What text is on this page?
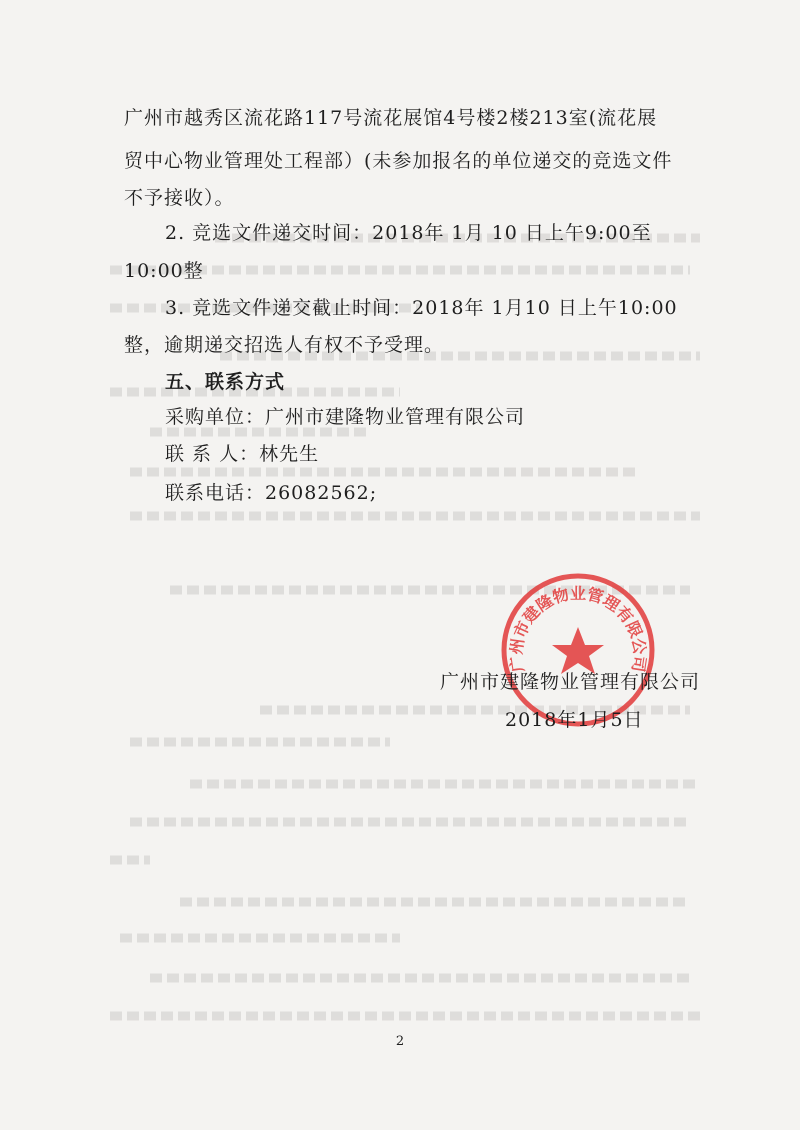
广州市越秀区流花路117号流花展馆4号楼2楼213室(流花展
贸中心物业管理处工程部）(未参加报名的单位递交的竞选文件
不予接收）。
2. 竞选文件递交时间：2018年 1月 10 日上午9:00至
10:00整
3. 竞选文件递交截止时间：2018年 1月10 日上午10:00
整，逾期递交招选人有权不予受理。
五、联系方式
采购单位：广州市建隆物业管理有限公司
联 系 人：林先生
联系电话：26082562;
广州市建隆物业管理有限公司
广州市建隆物业管理有限公司
2018年1月5日
2
